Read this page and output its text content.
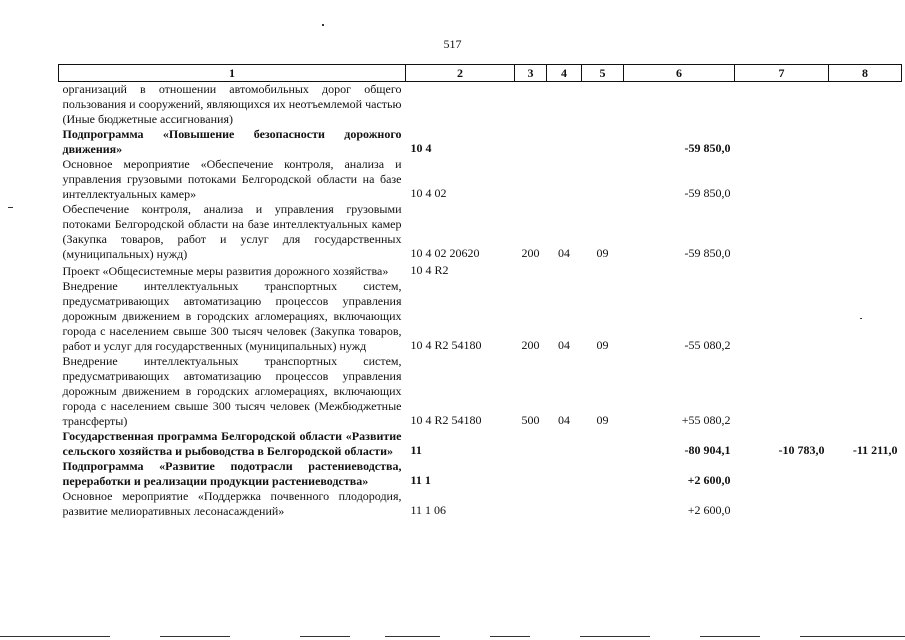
517
1	2	3	4	5	6	7	8
организаций в отношении автомобильных дорог общего пользования и сооружений, являющихся их неотъемлемой частью (Иные бюджетные ассигнования)							
Подпрограмма «Повышение безопасности дорожного движения»	10 4				-59 850,0		
Основное мероприятие «Обеспечение контроля, анализа и управления грузовыми потоками Белгородской области на базе интеллектуальных камер»	10 4 02				-59 850,0		
Обеспечение контроля, анализа и управления грузовыми потоками Белгородской области на базе интеллектуальных камер (Закупка товаров, работ и услуг для государственных (муниципальных) нужд)	10 4 02 20620	200	04	09	-59 850,0		
Проект «Общесистемные меры развития дорожного хозяйства»	10 4 R2						
Внедрение интеллектуальных транспортных систем, предусматривающих автоматизацию процессов управления дорожным движением в городских агломерациях, включающих города с населением свыше 300 тысяч человек (Закупка товаров, работ и услуг для государственных (муниципальных) нужд	10 4 R2 54180	200	04	09	-55 080,2		
Внедрение интеллектуальных транспортных систем, предусматривающих автоматизацию процессов управления дорожным движением в городских агломерациях, включающих города с населением свыше 300 тысяч человек (Межбюджетные трансферты)	10 4 R2 54180	500	04	09	+55 080,2		
Государственная программа Белгородской области «Развитие сельского хозяйства и рыбоводства в Белгородской области»	11				-80 904,1	-10 783,0	-11 211,0
Подпрограмма «Развитие подотрасли растениеводства, переработки и реализации продукции растениеводства»	11 1				+2 600,0		
Основное мероприятие «Поддержка почвенного плодородия, развитие мелиоративных лесонасаждений»	11 1 06				+2 600,0		
